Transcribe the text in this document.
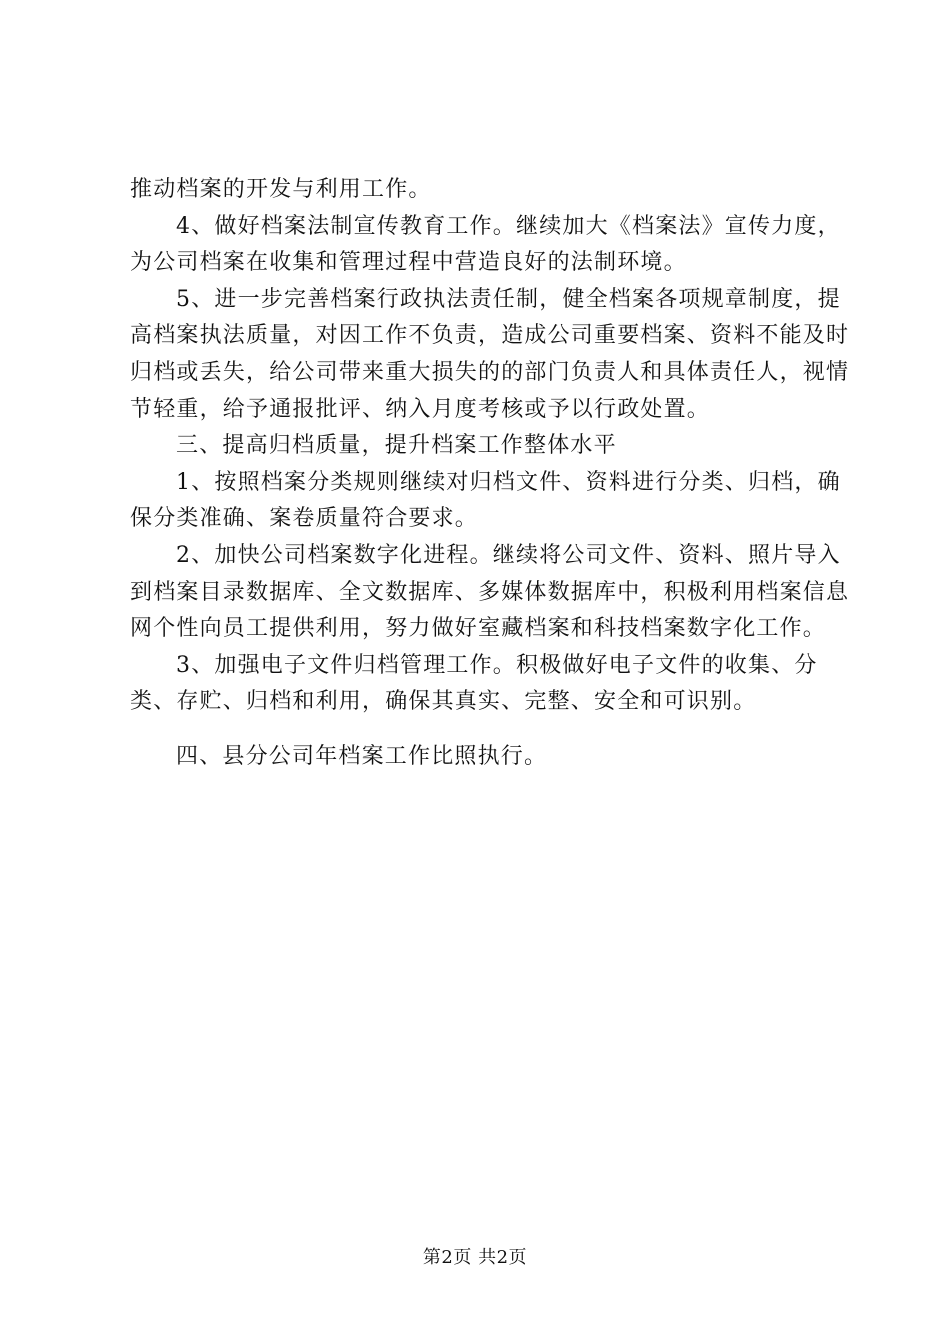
推动档案的开发与利用工作。

4、做好档案法制宣传教育工作。继续加大《档案法》宣传力度，为公司档案在收集和管理过程中营造良好的法制环境。

5、进一步完善档案行政执法责任制，健全档案各项规章制度，提高档案执法质量，对因工作不负责，造成公司重要档案、资料不能及时归档或丢失，给公司带来重大损失的的部门负责人和具体责任人，视情节轻重，给予通报批评、纳入月度考核或予以行政处置。

三、提高归档质量，提升档案工作整体水平

1、按照档案分类规则继续对归档文件、资料进行分类、归档，确保分类准确、案卷质量符合要求。

2、加快公司档案数字化进程。继续将公司文件、资料、照片导入到档案目录数据库、全文数据库、多媒体数据库中，积极利用档案信息网个性向员工提供利用，努力做好室藏档案和科技档案数字化工作。

3、加强电子文件归档管理工作。积极做好电子文件的收集、分类、存贮、归档和利用，确保其真实、完整、安全和可识别。

四、县分公司年档案工作比照执行。

第2页 共2页
